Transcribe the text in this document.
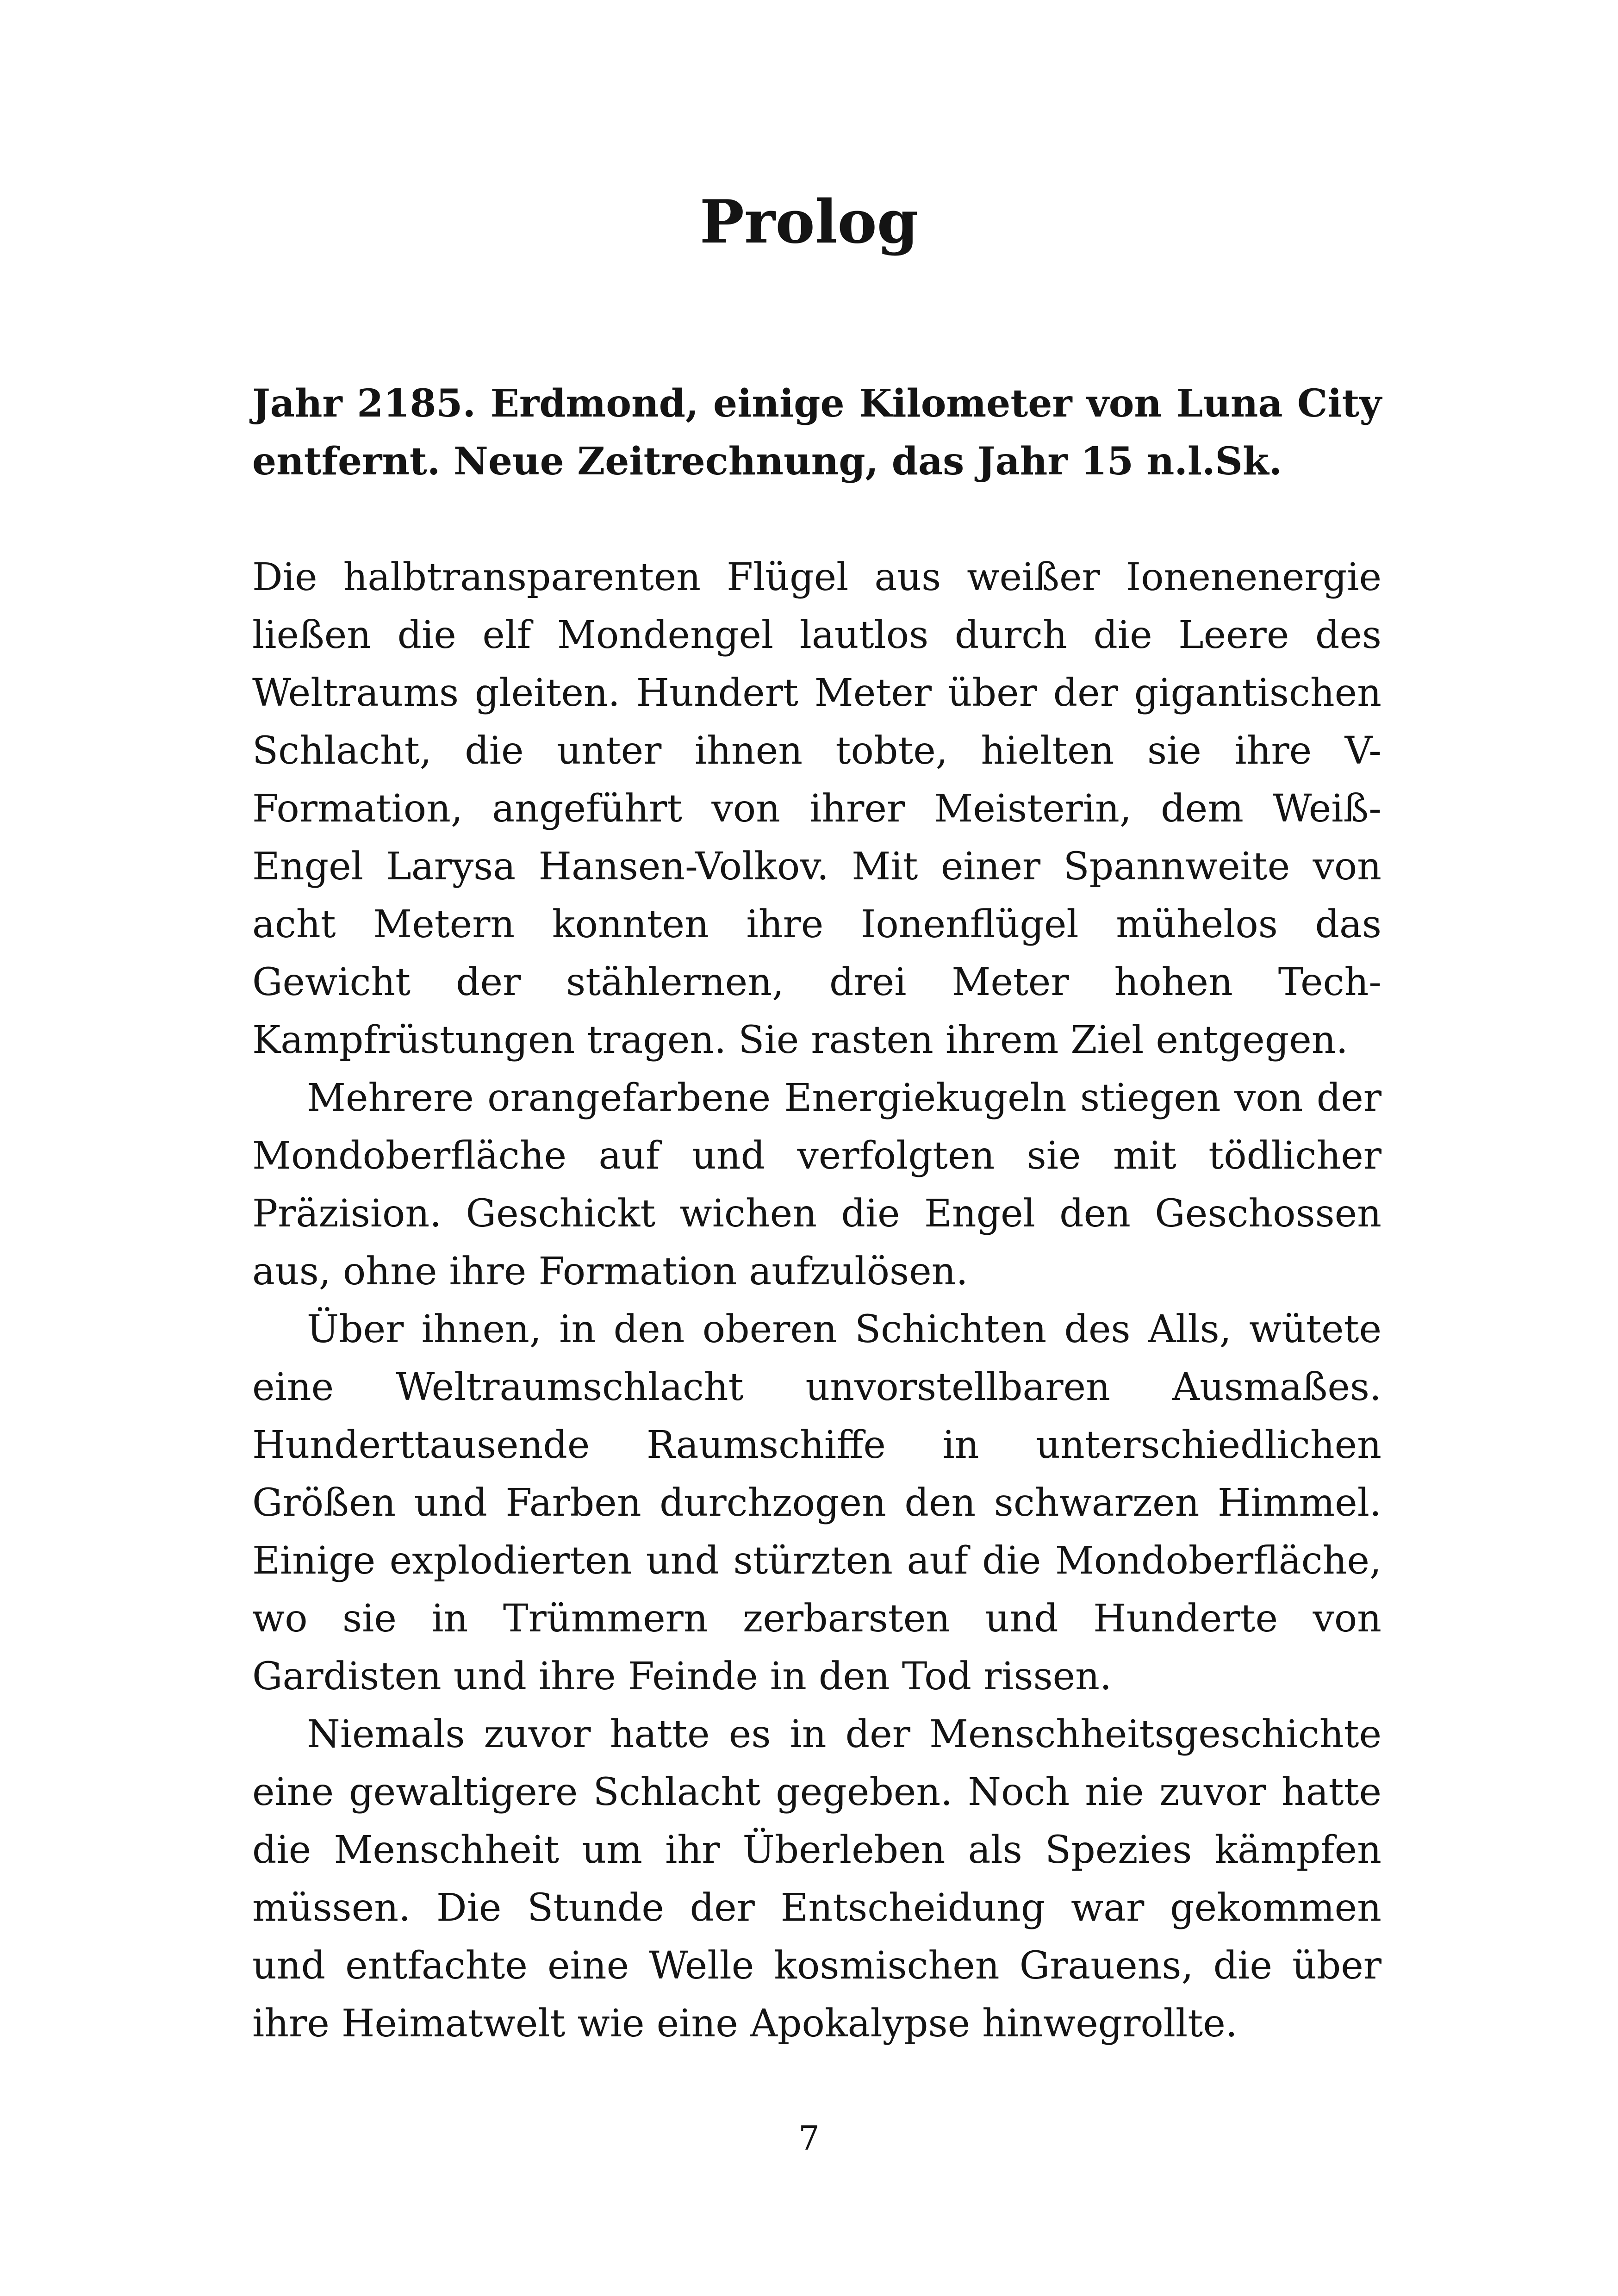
Prolog

Jahr 2185. Erdmond, einige Kilometer von Luna City entfernt. Neue Zeitrechnung, das Jahr 15 n.l.Sk.

Die halbtransparenten Flügel aus weißer Ionenenergie ließen die elf Mondengel lautlos durch die Leere des Weltraums gleiten. Hundert Meter über der gigantischen Schlacht, die unter ihnen tobte, hielten sie ihre V-Formation, angeführt von ihrer Meisterin, dem Weiß-Engel Larysa Hansen-Volkov. Mit einer Spannweite von acht Metern konnten ihre Ionenflügel mühelos das Gewicht der stählernen, drei Meter hohen Tech-Kampfrüstungen tragen. Sie rasten ihrem Ziel entgegen.

Mehrere orangefarbene Energiekugeln stiegen von der Mondoberfläche auf und verfolgten sie mit tödlicher Präzision. Geschickt wichen die Engel den Geschossen aus, ohne ihre Formation aufzulösen.

Über ihnen, in den oberen Schichten des Alls, wütete eine Weltraumschlacht unvorstellbaren Ausmaßes. Hunderttausende Raumschiffe in unterschiedlichen Größen und Farben durchzogen den schwarzen Himmel. Einige explodierten und stürzten auf die Mondoberfläche, wo sie in Trümmern zerbarsten und Hunderte von Gardisten und ihre Feinde in den Tod rissen.

Niemals zuvor hatte es in der Menschheitsgeschichte eine gewaltigere Schlacht gegeben. Noch nie zuvor hatte die Menschheit um ihr Überleben als Spezies kämpfen müssen. Die Stunde der Entscheidung war gekommen und entfachte eine Welle kosmischen Grauens, die über ihre Heimatwelt wie eine Apokalypse hinwegrollte.

7
